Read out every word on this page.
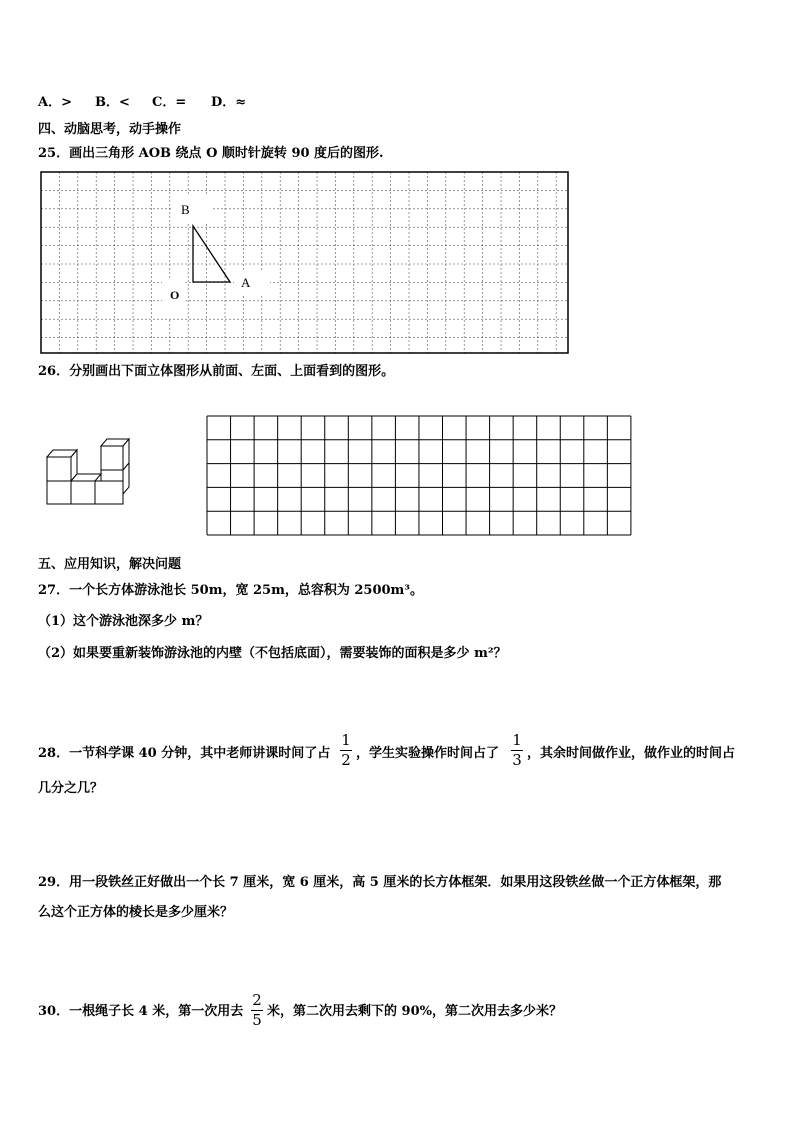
A．> B．< C．= D．≈
四、动脑思考，动手操作
25．画出三角形 AOB 绕点 O 顺时针旋转 90 度后的图形.
B
A
O
26．分别画出下面立体图形从前面、左面、上面看到的图形。
五、应用知识，解决问题
27．一个长方体游泳池长 50m，宽 25m，总容积为 2500m³。
（1）这个游泳池深多少 m？
（2）如果要重新装饰游泳池的内壁（不包括底面），需要装饰的面积是多少 m²？
28．一节科学课 40 分钟，其中老师讲课时间了占
1
2 ，学生实验操作时间占了
1
3 ，其余时间做作业，做作业的时间占
几分之几？
29．用一段铁丝正好做出一个长 7 厘米，宽 6 厘米，高 5 厘米的长方体框架．如果用这段铁丝做一个正方体框架，那
么这个正方体的棱长是多少厘米？
30．一根绳子长 4 米，第一次用去
2
5 米，第二次用去剩下的 90%，第二次用去多少米？
